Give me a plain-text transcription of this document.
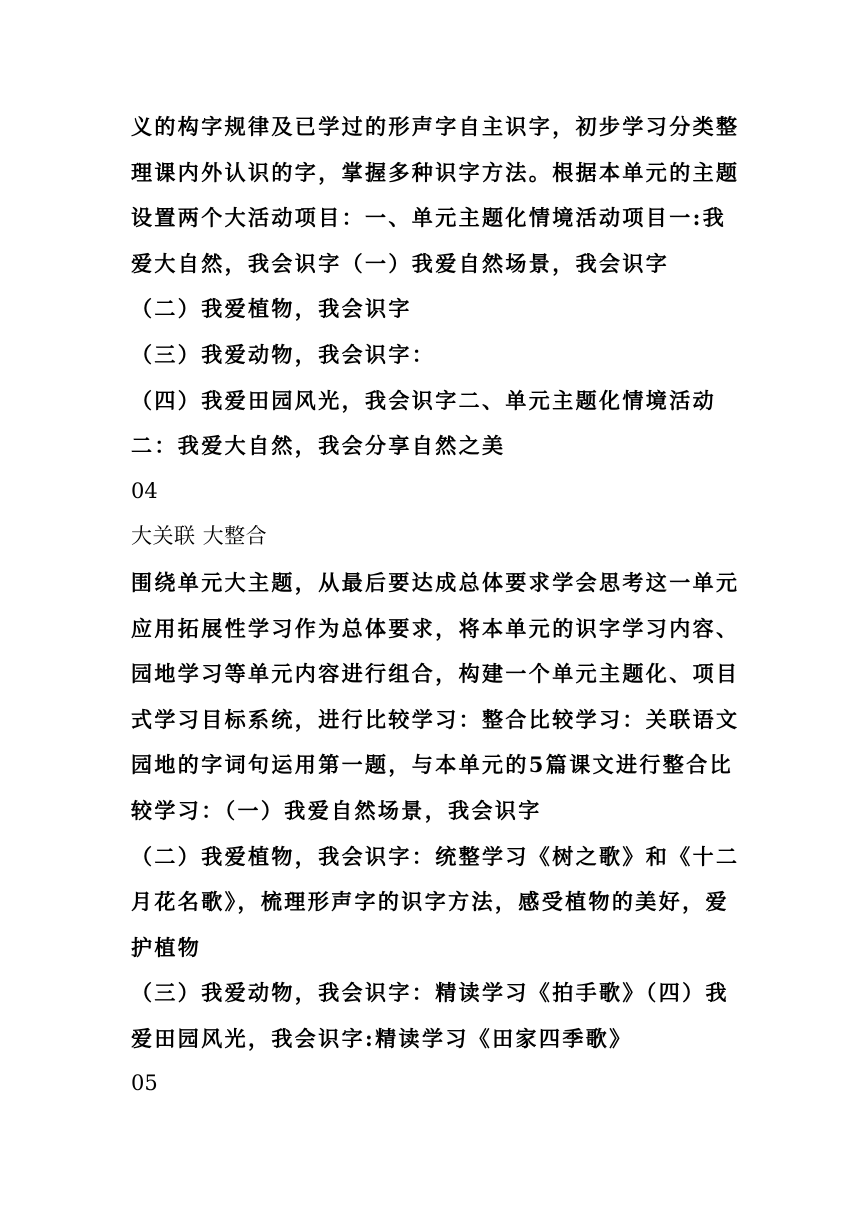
义的构字规律及已学过的形声字自主识字，初步学习分类整理课内外认识的字，掌握多种识字方法。根据本单元的主题设置两个大活动项目：一、单元主题化情境活动项目一:我爱大自然，我会识字（一）我爱自然场景，我会识字

（二）我爱植物，我会识字

（三）我爱动物，我会识字：

（四）我爱田园风光，我会识字二、单元主题化情境活动二：我爱大自然，我会分享自然之美

04

大关联 大整合

围绕单元大主题，从最后要达成总体要求学会思考这一单元应用拓展性学习作为总体要求，将本单元的识字学习内容、园地学习等单元内容进行组合，构建一个单元主题化、项目式学习目标系统，进行比较学习：整合比较学习：关联语文园地的字词句运用第一题，与本单元的5篇课文进行整合比较学习：（一）我爱自然场景，我会识字

（二）我爱植物，我会识字：统整学习《树之歌》和《十二月花名歌》，梳理形声字的识字方法，感受植物的美好，爱护植物

（三）我爱动物，我会识字：精读学习《拍手歌》（四）我爱田园风光，我会识字:精读学习《田家四季歌》

05
